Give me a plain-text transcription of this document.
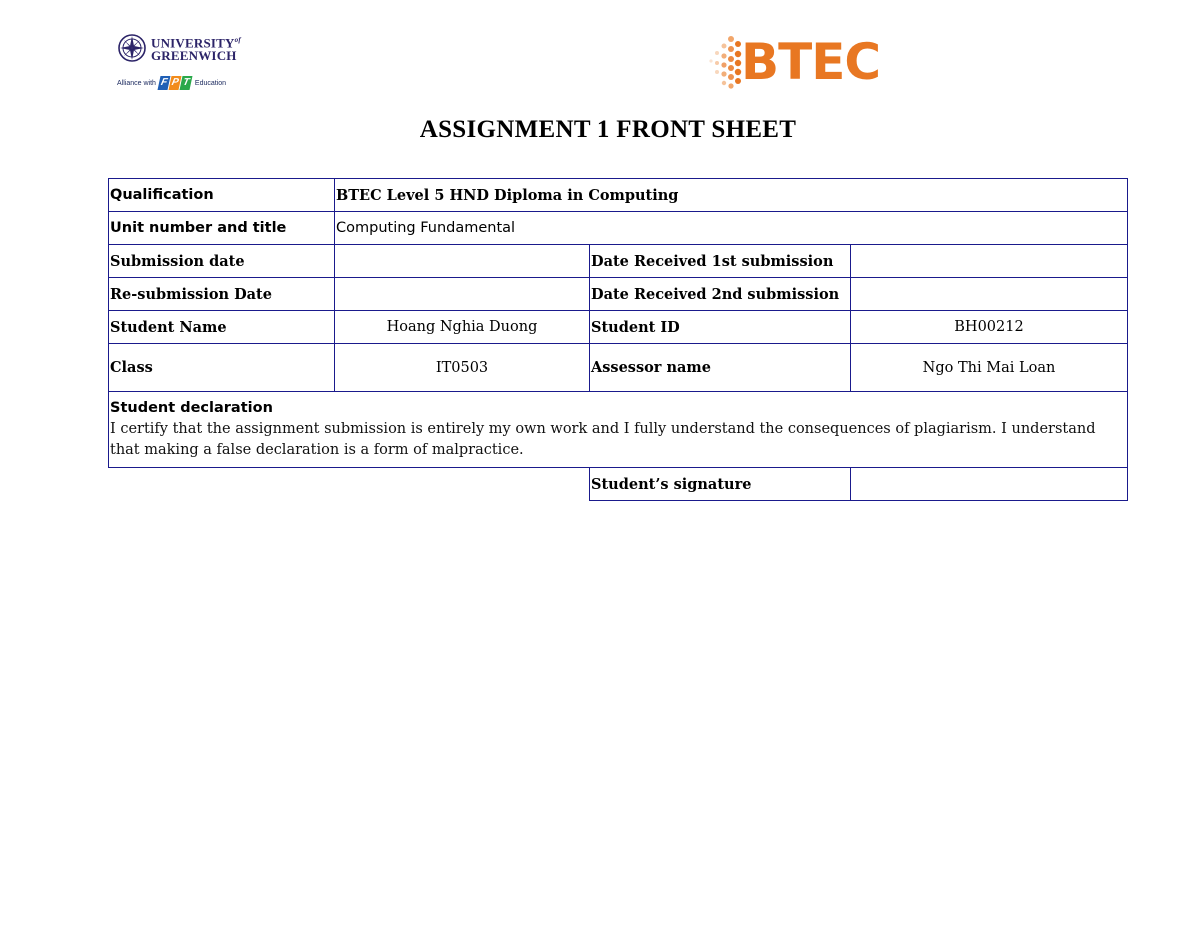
$UNIVERSITY^{of}$
GREENWICH
Alliance with F P T Education	BTEC
ASSIGNMENT 1 FRONT SHEET
Qualification	BTEC Level 5 HND Diploma in Computing		
Unit number and title	Computing Fundamental		
Submission date		Date Received 1st submission	
Re-submission Date		Date Received 2nd submission	
Student Name	Hoang Nghia Duong	Student ID	BH00212
Class	IT0503	Assessor name	Ngo Thi Mai Loan

Student declaration
I certify that the assignment submission is entirely my own work and I fully understand the consequences of plagiarism. I understand that making a false declaration is a form of malpractice.			

		Student’s signature	
